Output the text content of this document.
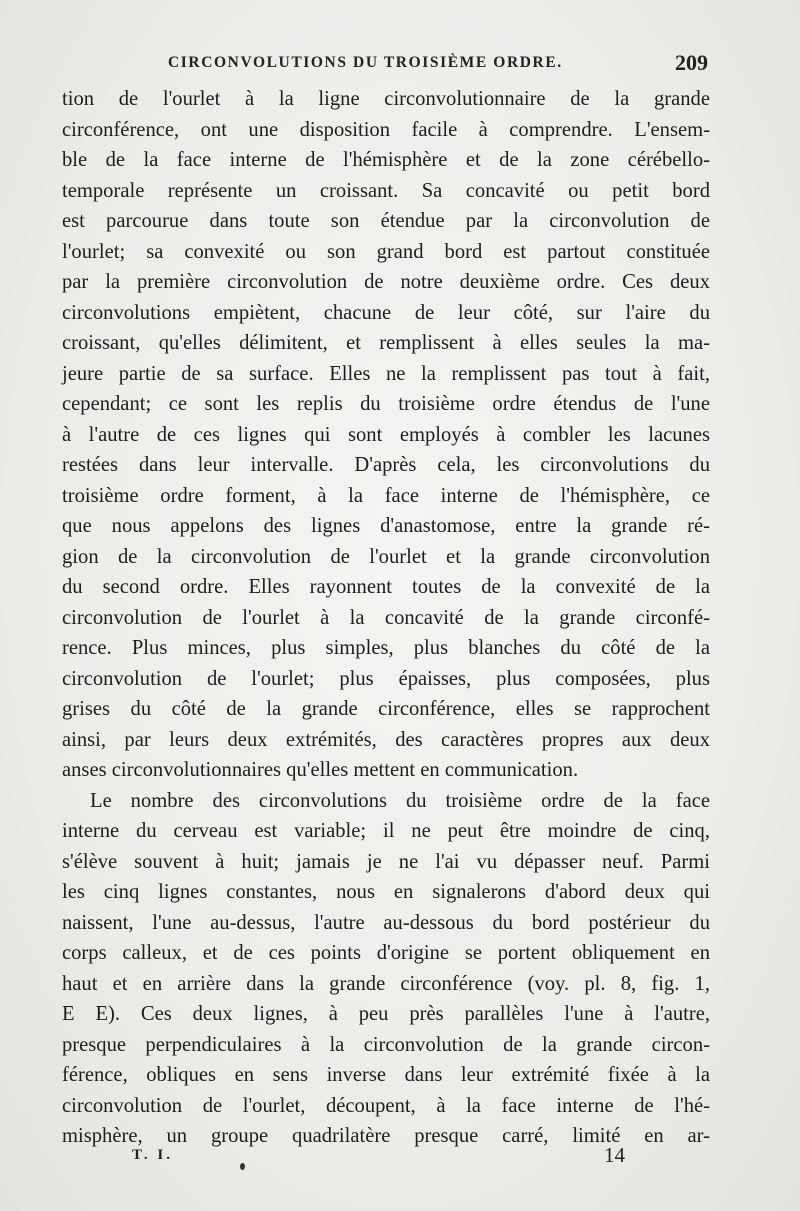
CIRCONVOLUTIONS DU TROISIÈME ORDRE.	209
tion de l'ourlet à la ligne circonvolutionnaire de la grande
circonférence, ont une disposition facile à comprendre. L'ensem-
ble de la face interne de l'hémisphère et de la zone cérébello-
temporale représente un croissant. Sa concavité ou petit bord
est parcourue dans toute son étendue par la circonvolution de
l'ourlet; sa convexité ou son grand bord est partout constituée
par la première circonvolution de notre deuxième ordre. Ces deux
circonvolutions empiètent, chacune de leur côté, sur l'aire du
croissant, qu'elles délimitent, et remplissent à elles seules la ma-
jeure partie de sa surface. Elles ne la remplissent pas tout à fait,
cependant; ce sont les replis du troisième ordre étendus de l'une
à l'autre de ces lignes qui sont employés à combler les lacunes
restées dans leur intervalle. D'après cela, les circonvolutions du
troisième ordre forment, à la face interne de l'hémisphère, ce
que nous appelons des lignes d'anastomose, entre la grande ré-
gion de la circonvolution de l'ourlet et la grande circonvolution
du second ordre. Elles rayonnent toutes de la convexité de la
circonvolution de l'ourlet à la concavité de la grande circonfé-
rence. Plus minces, plus simples, plus blanches du côté de la
circonvolution de l'ourlet; plus épaisses, plus composées, plus
grises du côté de la grande circonférence, elles se rapprochent
ainsi, par leurs deux extrémités, des caractères propres aux deux
anses circonvolutionnaires qu'elles mettent en communication.
Le nombre des circonvolutions du troisième ordre de la face
interne du cerveau est variable; il ne peut être moindre de cinq,
s'élève souvent à huit; jamais je ne l'ai vu dépasser neuf. Parmi
les cinq lignes constantes, nous en signalerons d'abord deux qui
naissent, l'une au-dessus, l'autre au-dessous du bord postérieur du
corps calleux, et de ces points d'origine se portent obliquement en
haut et en arrière dans la grande circonférence (voy. pl. 8, fig. 1,
E E). Ces deux lignes, à peu près parallèles l'une à l'autre,
presque perpendiculaires à la circonvolution de la grande circon-
férence, obliques en sens inverse dans leur extrémité fixée à la
circonvolution de l'ourlet, découpent, à la face interne de l'hé-
misphère, un groupe quadrilatère presque carré, limité en ar-
T. I.	14
